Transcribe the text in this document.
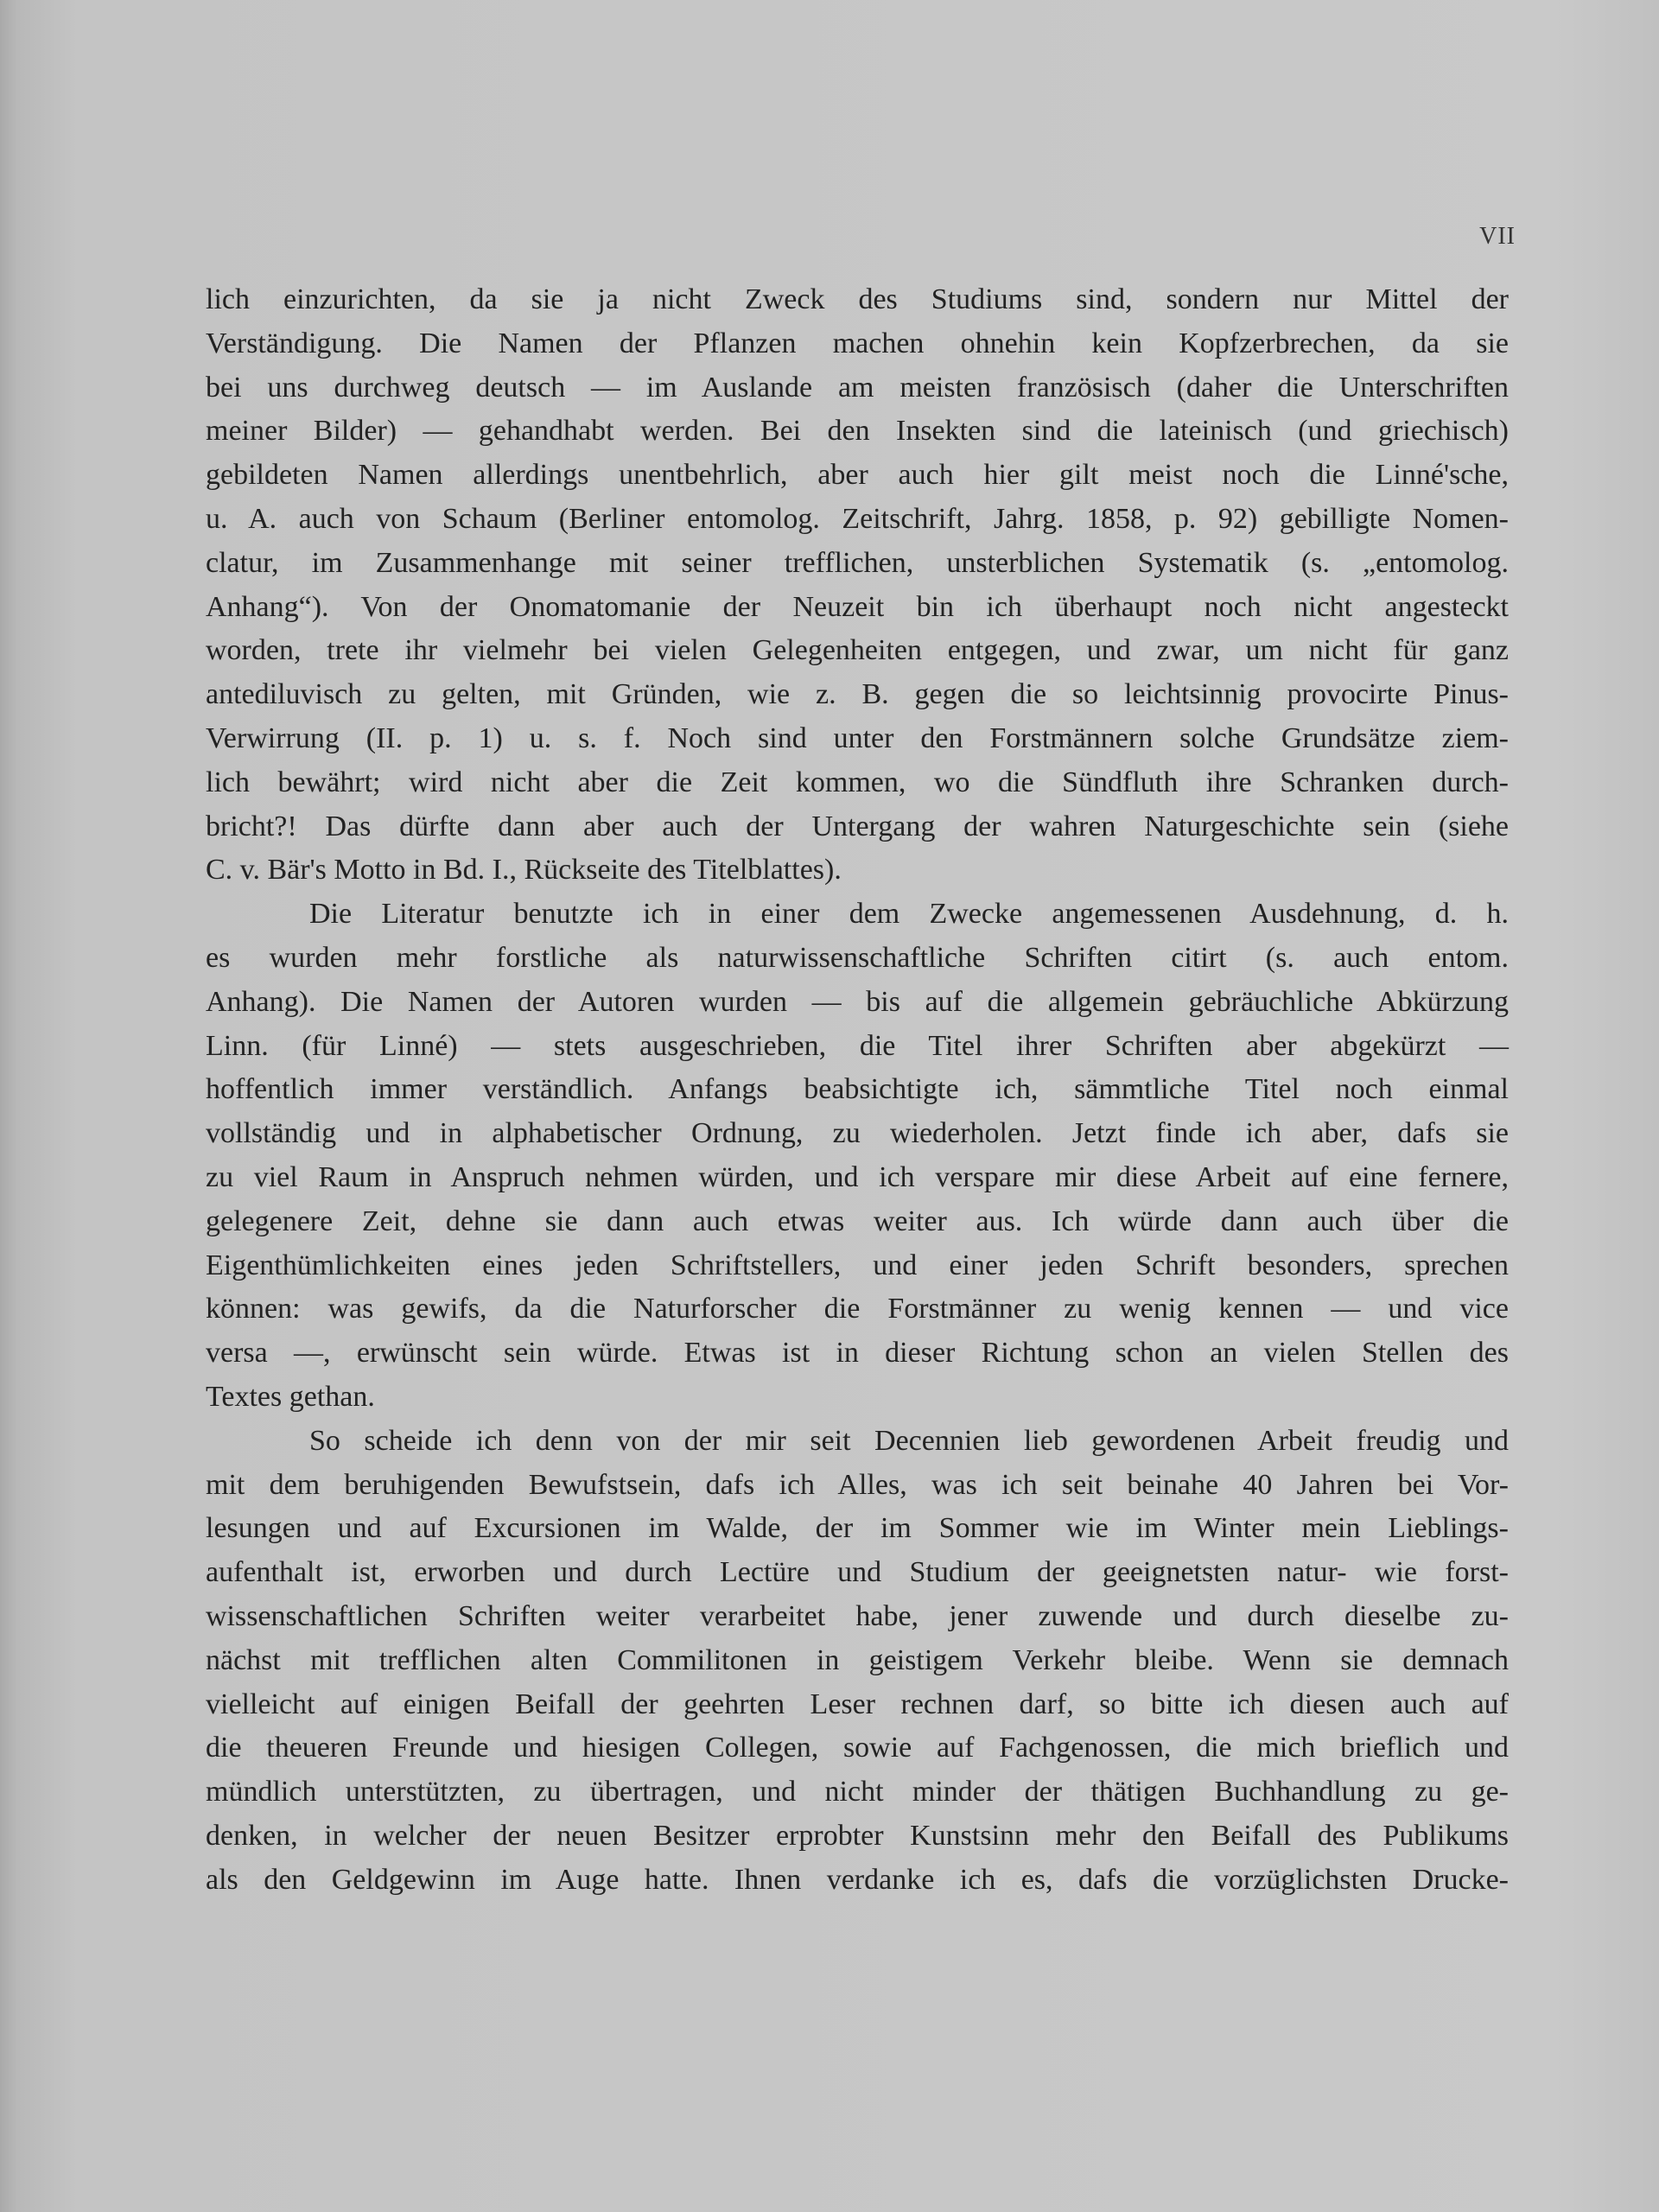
VII
lich einzurichten, da sie ja nicht Zweck des Studiums sind, sondern nur Mittel der
Verständigung. Die Namen der Pflanzen machen ohnehin kein Kopfzerbrechen, da sie
bei uns durchweg deutsch — im Auslande am meisten französisch (daher die Unterschriften
meiner Bilder) — gehandhabt werden. Bei den Insekten sind die lateinisch (und griechisch)
gebildeten Namen allerdings unentbehrlich, aber auch hier gilt meist noch die Linné'sche,
u. A. auch von Schaum (Berliner entomolog. Zeitschrift, Jahrg. 1858, p. 92) gebilligte Nomen-
clatur, im Zusammenhange mit seiner trefflichen, unsterblichen Systematik (s. „entomolog.
Anhang“). Von der Onomatomanie der Neuzeit bin ich überhaupt noch nicht angesteckt
worden, trete ihr vielmehr bei vielen Gelegenheiten entgegen, und zwar, um nicht für ganz
antediluvisch zu gelten, mit Gründen, wie z. B. gegen die so leichtsinnig provocirte Pinus-
Verwirrung (II. p. 1) u. s. f. Noch sind unter den Forstmännern solche Grundsätze ziem-
lich bewährt; wird nicht aber die Zeit kommen, wo die Sündfluth ihre Schranken durch-
bricht?! Das dürfte dann aber auch der Untergang der wahren Naturgeschichte sein (siehe
C. v. Bär's Motto in Bd. I., Rückseite des Titelblattes).
Die Literatur benutzte ich in einer dem Zwecke angemessenen Ausdehnung, d. h.
es wurden mehr forstliche als naturwissenschaftliche Schriften citirt (s. auch entom.
Anhang). Die Namen der Autoren wurden — bis auf die allgemein gebräuchliche Abkürzung
Linn. (für Linné) — stets ausgeschrieben, die Titel ihrer Schriften aber abgekürzt —
hoffentlich immer verständlich. Anfangs beabsichtigte ich, sämmtliche Titel noch einmal
vollständig und in alphabetischer Ordnung, zu wiederholen. Jetzt finde ich aber, dafs sie
zu viel Raum in Anspruch nehmen würden, und ich verspare mir diese Arbeit auf eine fernere,
gelegenere Zeit, dehne sie dann auch etwas weiter aus. Ich würde dann auch über die
Eigenthümlichkeiten eines jeden Schriftstellers, und einer jeden Schrift besonders, sprechen
können: was gewifs, da die Naturforscher die Forstmänner zu wenig kennen — und vice
versa —, erwünscht sein würde. Etwas ist in dieser Richtung schon an vielen Stellen des
Textes gethan.
So scheide ich denn von der mir seit Decennien lieb gewordenen Arbeit freudig und
mit dem beruhigenden Bewufstsein, dafs ich Alles, was ich seit beinahe 40 Jahren bei Vor-
lesungen und auf Excursionen im Walde, der im Sommer wie im Winter mein Lieblings-
aufenthalt ist, erworben und durch Lectüre und Studium der geeignetsten natur- wie forst-
wissenschaftlichen Schriften weiter verarbeitet habe, jener zuwende und durch dieselbe zu-
nächst mit trefflichen alten Commilitonen in geistigem Verkehr bleibe. Wenn sie demnach
vielleicht auf einigen Beifall der geehrten Leser rechnen darf, so bitte ich diesen auch auf
die theueren Freunde und hiesigen Collegen, sowie auf Fachgenossen, die mich brieflich und
mündlich unterstützten, zu übertragen, und nicht minder der thätigen Buchhandlung zu ge-
denken, in welcher der neuen Besitzer erprobter Kunstsinn mehr den Beifall des Publikums
als den Geldgewinn im Auge hatte. Ihnen verdanke ich es, dafs die vorzüglichsten Drucke-
